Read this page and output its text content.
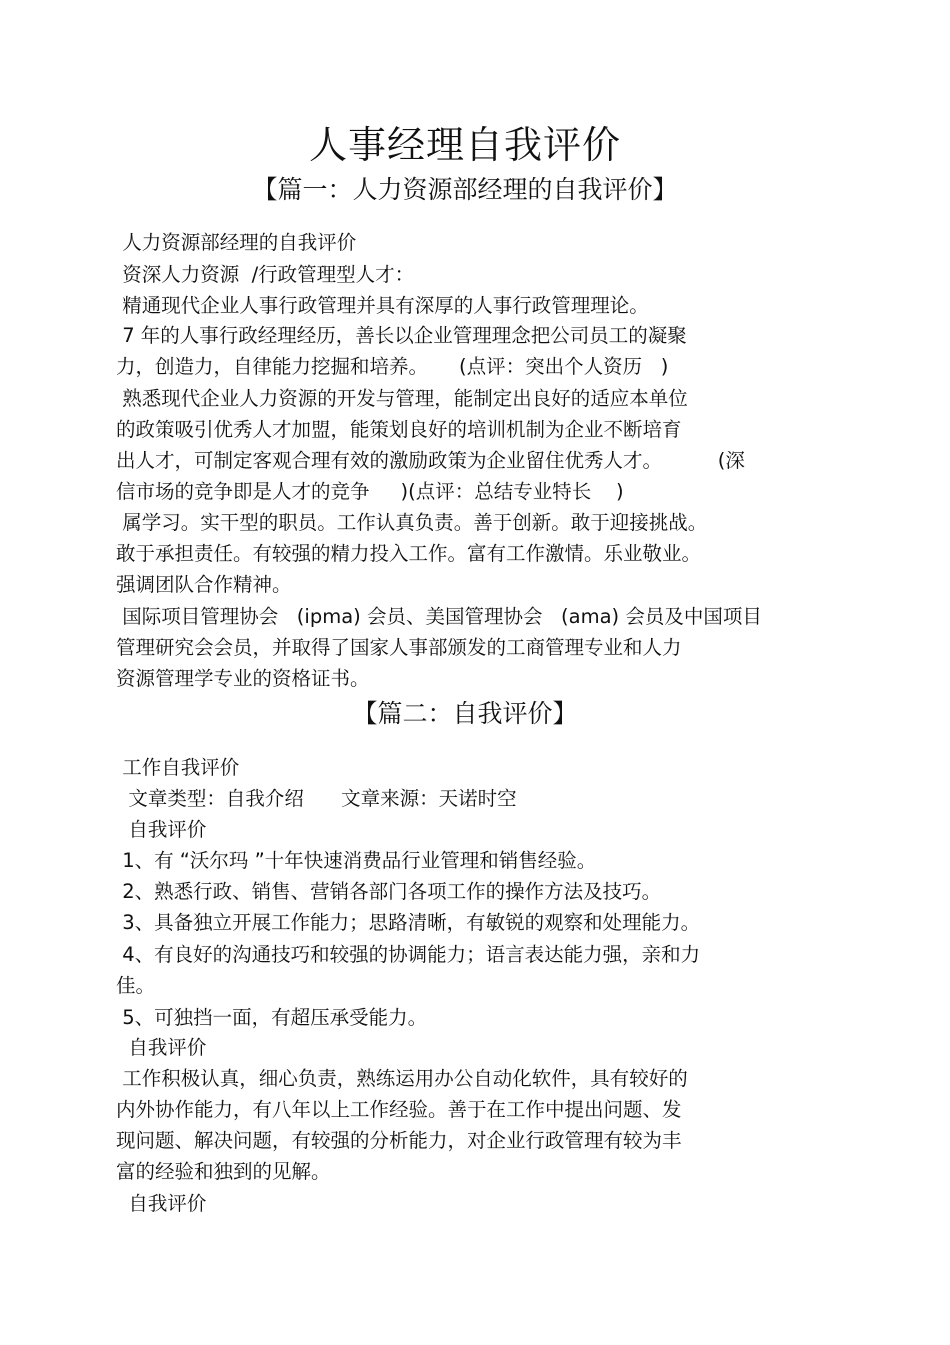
人事经理自我评价
【篇一：人力资源部经理的自我评价】
人力资源部经理的自我评价
资深人力资源  /行政管理型人才：
精通现代企业人事行政管理并具有深厚的人事行政管理理论。
7 年的人事行政经理经历，善长以企业管理理念把公司员工的凝聚
力，创造力，自律能力挖掘和培养。     (点评：突出个人资历   )
熟悉现代企业人力资源的开发与管理，能制定出良好的适应本单位
的政策吸引优秀人才加盟，能策划良好的培训机制为企业不断培育
出人才，可制定客观合理有效的激励政策为企业留住优秀人才。         (深
信市场的竞争即是人才的竞争     )(点评：总结专业特长    )
属学习。实干型的职员。工作认真负责。善于创新。敢于迎接挑战。
敢于承担责任。有较强的精力投入工作。富有工作激情。乐业敬业。
强调团队合作精神。
国际项目管理协会   (ipma) 会员、美国管理协会   (ama) 会员及中国项目
管理研究会会员，并取得了国家人事部颁发的工商管理专业和人力
资源管理学专业的资格证书。
【篇二：自我评价】
工作自我评价
文章类型：自我介绍      文章来源：天诺时空
自我评价
1、有 “沃尔玛 ”十年快速消费品行业管理和销售经验。
2、熟悉行政、销售、营销各部门各项工作的操作方法及技巧。
3、具备独立开展工作能力；思路清晰，有敏锐的观察和处理能力。
4、有良好的沟通技巧和较强的协调能力；语言表达能力强，亲和力
佳。
5、可独挡一面，有超压承受能力。
自我评价
工作积极认真，细心负责，熟练运用办公自动化软件，具有较好的
内外协作能力，有八年以上工作经验。善于在工作中提出问题、发
现问题、解决问题，有较强的分析能力，对企业行政管理有较为丰
富的经验和独到的见解。
自我评价
